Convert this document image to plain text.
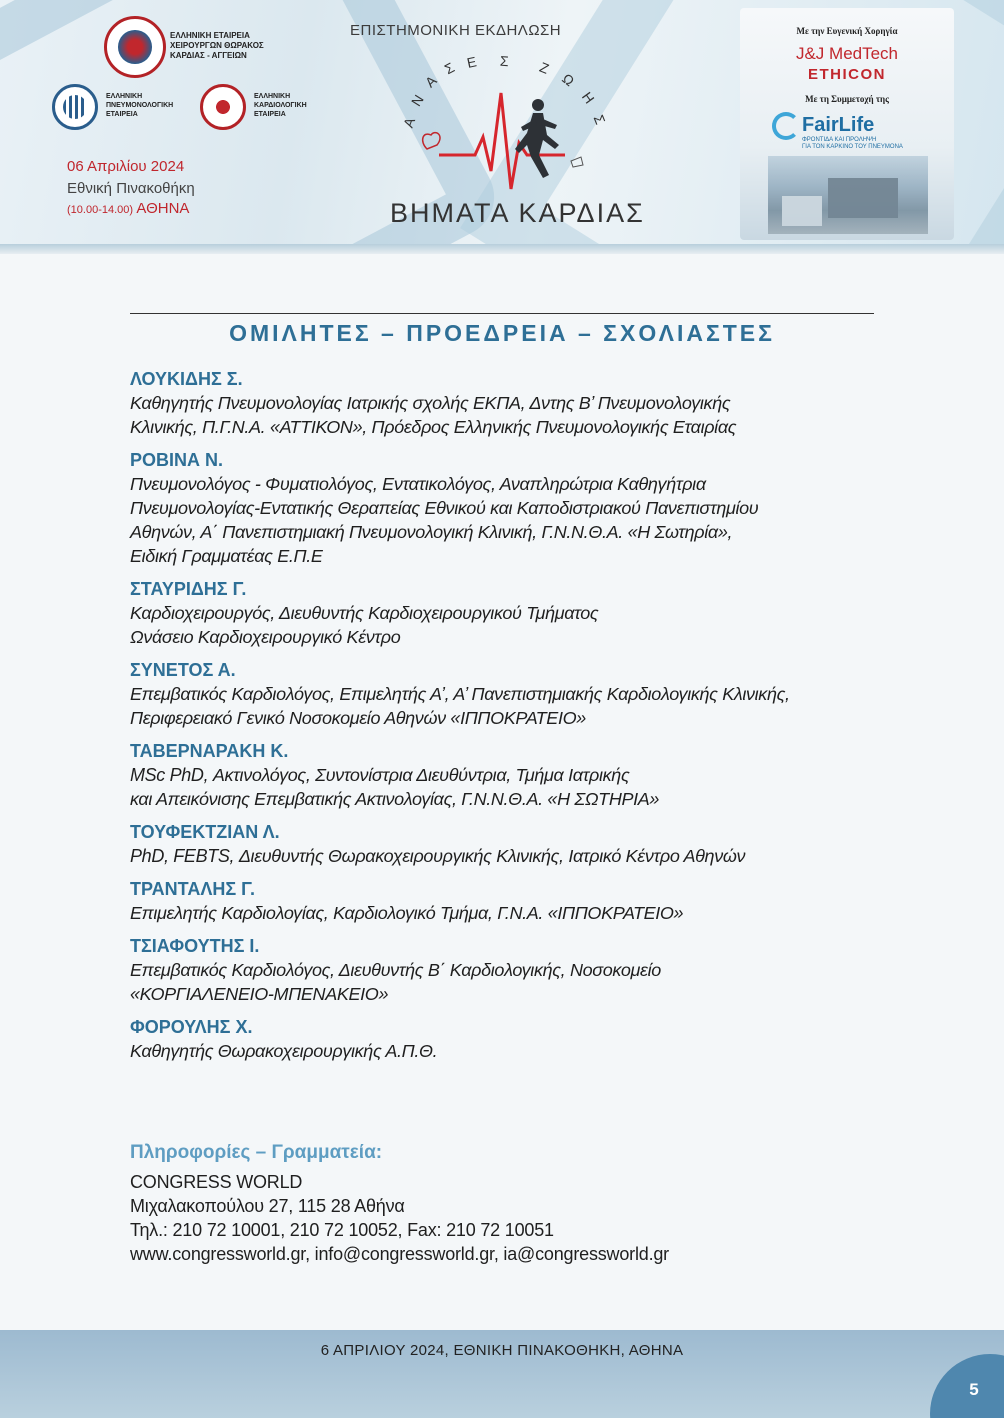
ΕΛΛΗΝΙΚΗ ΕΤΑΙΡΕΙΑ
ΧΕΙΡΟΥΡΓΩΝ ΘΩΡΑΚΟΣ
ΚΑΡΔΙΑΣ - ΑΓΓΕΙΩΝ
ΕΛΛΗΝΙΚΗ
ΠΝΕΥΜΟΝΟΛΟΓΙΚΗ
ΕΤΑΙΡΕΙΑ
ΕΛΛΗΝΙΚΗ
ΚΑΡΔΙΟΛΟΓΙΚΗ
ΕΤΑΙΡΕΙΑ
06 Απριλίου 2024
Εθνική Πινακοθήκη
(10.00-14.00) ΑΘΗΝΑ
ΕΠΙΣΤΗΜΟΝΙΚΗ ΕΚΔΗΛΩΣΗ
Α
Ν
Α
Σ Ε Σ Ζ
Ω
Η
Σ
ΒΗΜΑΤΑ ΚΑΡΔΙΑΣ
Με την Ευγενική Χορηγία
J&J MedTech
ETHICON
Με τη Συμμετοχή της
FairLife
ΦΡΟΝΤΙΔΑ ΚΑΙ ΠΡΟΛΗΨΗ
ΓΙΑ ΤΟΝ ΚΑΡΚΙΝΟ ΤΟΥ ΠΝΕΥΜΟΝΑ
ΟΜΙΛΗΤΕΣ – ΠΡΟΕΔΡΕΙΑ – ΣΧΟΛΙΑΣΤΕΣ
ΛΟΥΚΙΔΗΣ Σ.
Καθηγητής Πνευμονολογίας Ιατρικής σχολής ΕΚΠΑ, Δντης Β’ Πνευμονολογικής
Κλινικής, Π.Γ.Ν.Α. «ΑΤΤΙΚΟΝ», Πρόεδρος Ελληνικής Πνευμονολογικής Εταιρίας
ΡΟΒΙΝΑ Ν.
Πνευμονολόγος - Φυματιολόγος, Εντατικολόγος, Αναπληρώτρια Καθηγήτρια
Πνευμονολογίας-Εντατικής Θεραπείας Εθνικού και Καποδιστριακού Πανεπιστημίου
Αθηνών, Α΄ Πανεπιστημιακή Πνευμονολογική Κλινική, Γ.Ν.Ν.Θ.Α. «Η Σωτηρία»,
Ειδική Γραμματέας Ε.Π.Ε
ΣΤΑΥΡΙΔΗΣ Γ.
Καρδιοχειρουργός, Διευθυντής Καρδιοχειρουργικού Τμήματος
Ωνάσειο Καρδιοχειρουργικό Κέντρο
ΣΥΝΕΤΟΣ Α.
Επεμβατικός Καρδιολόγος, Επιμελητής Α’, Α’ Πανεπιστημιακής Καρδιολογικής Κλινικής,
Περιφερειακό Γενικό Νοσοκομείο Αθηνών «ΙΠΠΟΚΡΑΤΕΙΟ»
ΤΑΒΕΡΝΑΡΑΚΗ Κ.
MSc PhD, Ακτινολόγος, Συντονίστρια Διευθύντρια, Τμήμα Ιατρικής
και Απεικόνισης Επεμβατικής Ακτινολογίας, Γ.Ν.Ν.Θ.Α. «Η ΣΩΤΗΡΙΑ»
ΤΟΥΦΕΚΤΖΙΑΝ Λ.
PhD, FEBTS, Διευθυντής Θωρακοχειρουργικής Κλινικής, Ιατρικό Κέντρο Αθηνών
ΤΡΑΝΤΑΛΗΣ Γ.
Επιμελητής Καρδιολογίας, Καρδιολογικό Τμήμα, Γ.Ν.Α. «ΙΠΠΟΚΡΑΤΕΙΟ»
ΤΣΙΑΦΟΥΤΗΣ Ι.
Επεμβατικός Καρδιολόγος, Διευθυντής Β΄ Καρδιολογικής, Νοσοκομείο
«ΚΟΡΓΙΑΛΕΝΕΙΟ-ΜΠΕΝΑΚΕΙΟ»
ΦΟΡΟΥΛΗΣ Χ.
Καθηγητής Θωρακοχειρουργικής Α.Π.Θ.
Πληροφορίες – Γραμματεία:
CONGRESS WORLD
Μιχαλακοπούλου 27, 115 28 Αθήνα
Τηλ.: 210 72 10001, 210 72 10052, Fax: 210 72 10051
www.congressworld.gr, info@congressworld.gr, ia@congressworld.gr
6 ΑΠΡΙΛΙΟΥ 2024, ΕΘΝΙΚΗ ΠΙΝΑΚΟΘΗΚΗ, ΑΘΗΝΑ
5
